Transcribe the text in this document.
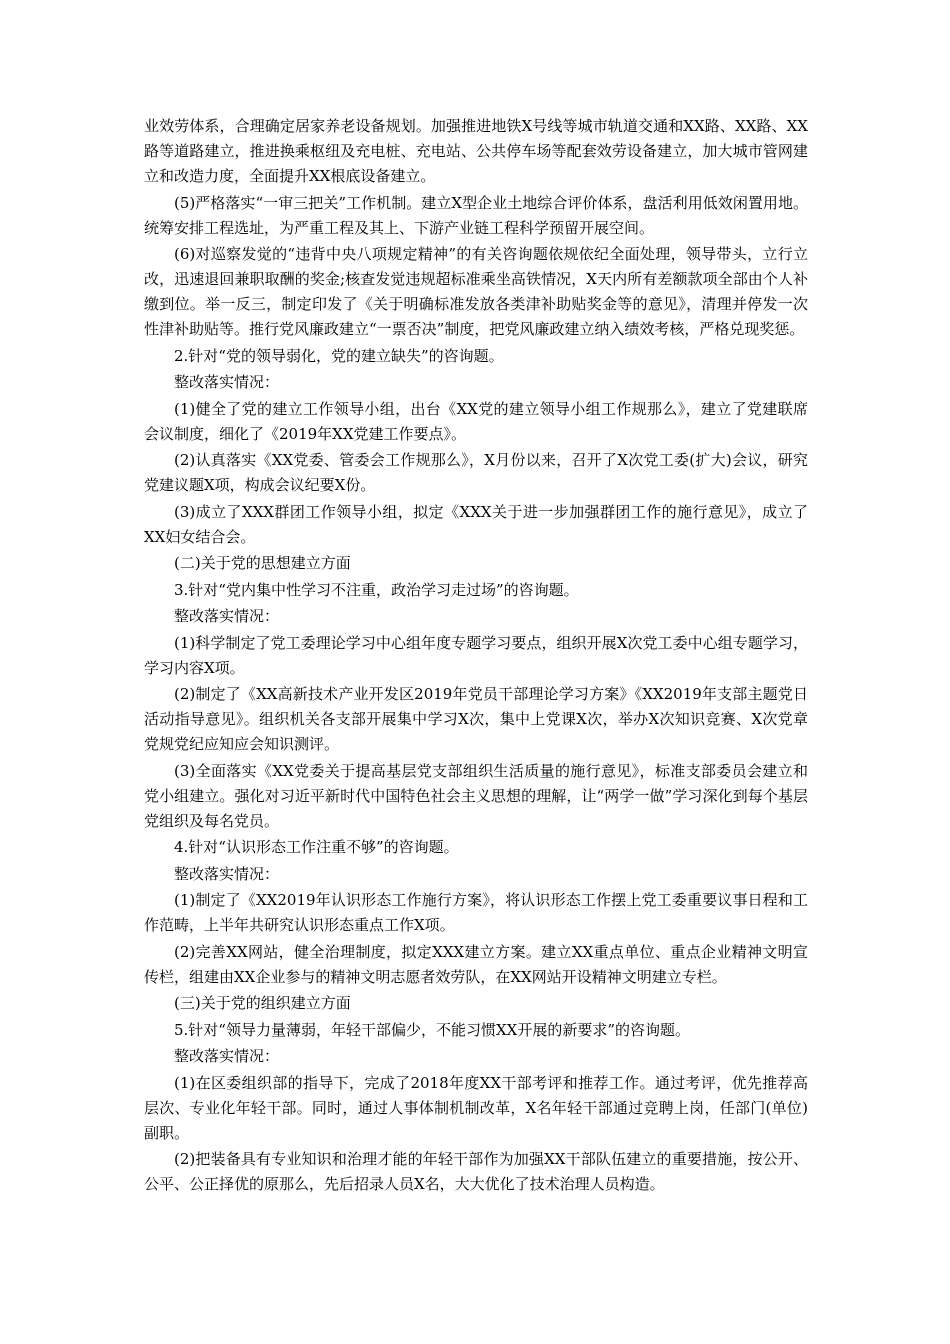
业效劳体系，合理确定居家养老设备规划。加强推进地铁X号线等城市轨道交通和XX路、XX路、XX路等道路建立，推进换乘枢纽及充电桩、充电站、公共停车场等配套效劳设备建立，加大城市管网建立和改造力度，全面提升XX根底设备建立。

(5)严格落实“一审三把关”工作机制。建立X型企业土地综合评价体系，盘活利用低效闲置用地。统筹安排工程选址，为严重工程及其上、下游产业链工程科学预留开展空间。

(6)对巡察发觉的“违背中央八项规定精神”的有关咨询题依规依纪全面处理，领导带头，立行立改，迅速退回兼职取酬的奖金;核查发觉违规超标准乘坐高铁情况，X天内所有差额款项全部由个人补缴到位。举一反三，制定印发了《关于明确标准发放各类津补助贴奖金等的意见》，清理并停发一次性津补助贴等。推行党风廉政建立“一票否决”制度，把党风廉政建立纳入绩效考核，严格兑现奖惩。

2.针对“党的领导弱化，党的建立缺失”的咨询题。

整改落实情况：

(1)健全了党的建立工作领导小组，出台《XX党的建立领导小组工作规那么》，建立了党建联席会议制度，细化了《2019年XX党建工作要点》。

(2)认真落实《XX党委、管委会工作规那么》，X月份以来，召开了X次党工委(扩大)会议，研究党建议题X项，构成会议纪要X份。

(3)成立了XXX群团工作领导小组，拟定《XXX关于进一步加强群团工作的施行意见》，成立了XX妇女结合会。

(二)关于党的思想建立方面

3.针对“党内集中性学习不注重，政治学习走过场”的咨询题。

整改落实情况：

(1)科学制定了党工委理论学习中心组年度专题学习要点，组织开展X次党工委中心组专题学习，学习内容X项。

(2)制定了《XX高新技术产业开发区2019年党员干部理论学习方案》《XX2019年支部主题党日活动指导意见》。组织机关各支部开展集中学习X次，集中上党课X次，举办X次知识竞赛、X次党章党规党纪应知应会知识测评。

(3)全面落实《XX党委关于提高基层党支部组织生活质量的施行意见》，标准支部委员会建立和党小组建立。强化对习近平新时代中国特色社会主义思想的理解，让“两学一做”学习深化到每个基层党组织及每名党员。

4.针对“认识形态工作注重不够”的咨询题。

整改落实情况：

(1)制定了《XX2019年认识形态工作施行方案》，将认识形态工作摆上党工委重要议事日程和工作范畴，上半年共研究认识形态重点工作X项。

(2)完善XX网站，健全治理制度，拟定XXX建立方案。建立XX重点单位、重点企业精神文明宣传栏，组建由XX企业参与的精神文明志愿者效劳队，在XX网站开设精神文明建立专栏。

(三)关于党的组织建立方面

5.针对“领导力量薄弱，年轻干部偏少，不能习惯XX开展的新要求”的咨询题。

整改落实情况：

(1)在区委组织部的指导下，完成了2018年度XX干部考评和推荐工作。通过考评，优先推荐高层次、专业化年轻干部。同时，通过人事体制机制改革，X名年轻干部通过竞聘上岗，任部门(单位)副职。

(2)把装备具有专业知识和治理才能的年轻干部作为加强XX干部队伍建立的重要措施，按公开、公平、公正择优的原那么，先后招录人员X名，大大优化了技术治理人员构造。
